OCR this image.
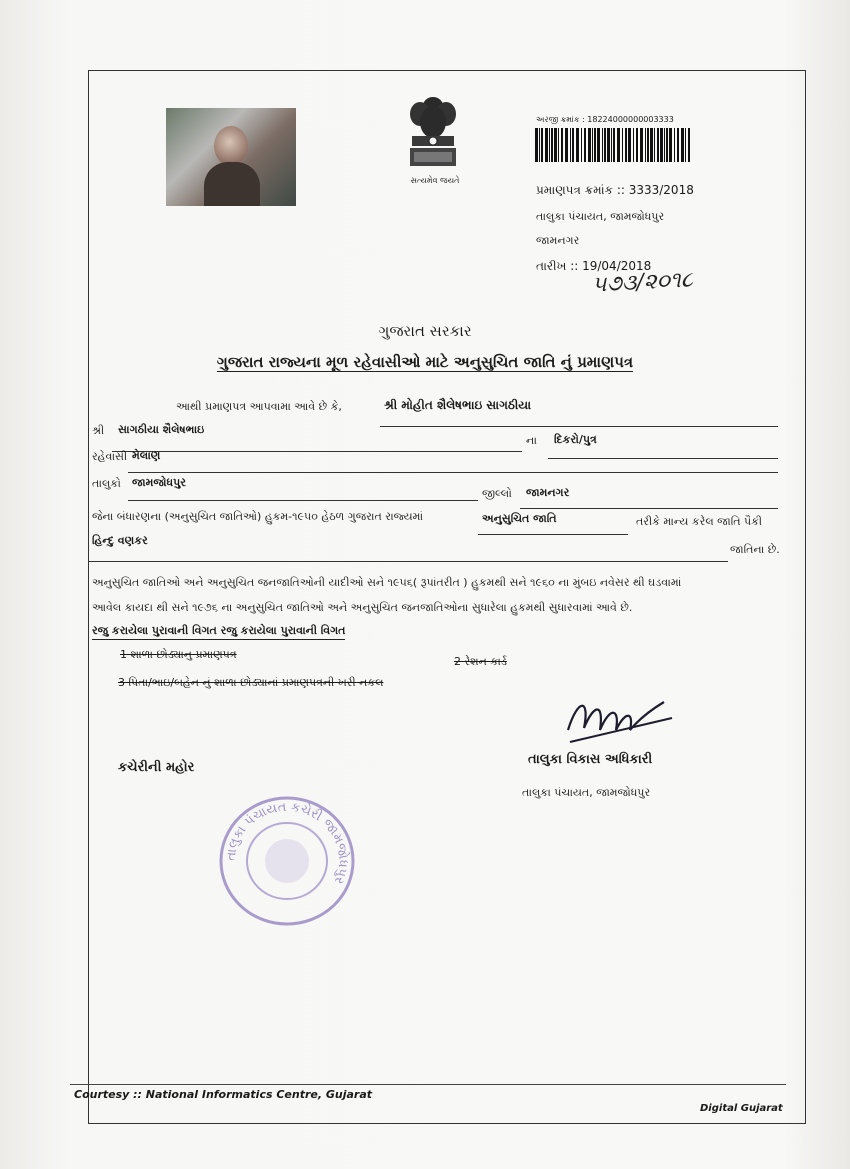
સત્યમેવ જયતે
અરજી ક્રમાંક : 18224000000003333
પ્રમાણપત્ર ક્રમાંક :: 3333/2018
તાલુકા પંચાયત, જામજોધપુર
જામનગર
તારીખ :: 19/04/2018
૫૭૩/૨૦૧૮
ગુજરાત સરકાર
ગુજરાત રાજ્યના મૂળ રહેવાસીઓ માટે અનુસુચિત જાતિ નું પ્રમાણપત્ર
આથી પ્રમાણપત્ર આપવામા આવે છે કે,	શ્રી મોહીત શૈલેષભાઇ સાગઠીયા
શ્રી સાગઠીયા શૈલેષભાઇ
ના દિકરો/પુત્ર
રહેવાસી મેલાણ
તાલુકો જામજોધપુર
જીલ્લો જામનગર
જેના બંધારણના (અનુસુચિત જાતિઓ) હુકમ-૧૯૫૦ હેઠળ ગુજરાત રાજ્યમાં	અનુસુચિત જાતિ	તરીકે માન્ય કરેલ જાતિ પૈકી
હિન્દુ વણકર
જાતિના છે.
અનુસુચિત જાતિઓ અને અનુસુચિત જનજાતિઓની યાદીઓ સને ૧૯૫૬( રૂપાંતરીત ) હુકમથી સને ૧૯૬૦ ના મુંબઇ નવેસર થી ઘડવામાં
આવેલ કાયદા થી સને ૧૯૭૬ ના અનુસુચિત જાતિઓ અને અનુસુચિત જનજાતિઓના સુધારેલા હુકમથી સુધારવામાં આવે છે.
રજુ કરાયેલા પુરાવાની વિગત રજુ કરાયેલા પુરાવાની વિગત
1 શાળા છોડ્યાનુ પ્રમાણપત્ર
2 રેશન કાર્ડ
3 પિતા/ભાઇ/બહેન નું શાળા છોડ્યાનાં પ્રમાણપત્રની ખરી નકલ
કચેરીની મહોર
તાલુકા વિકાસ અધિકારી
તાલુકા પંચાયત, જામજોધપુર
તાલુકા પંચાયત કચેરી જામજોધપુર
Courtesy :: National Informatics Centre, Gujarat
Digital Gujarat
